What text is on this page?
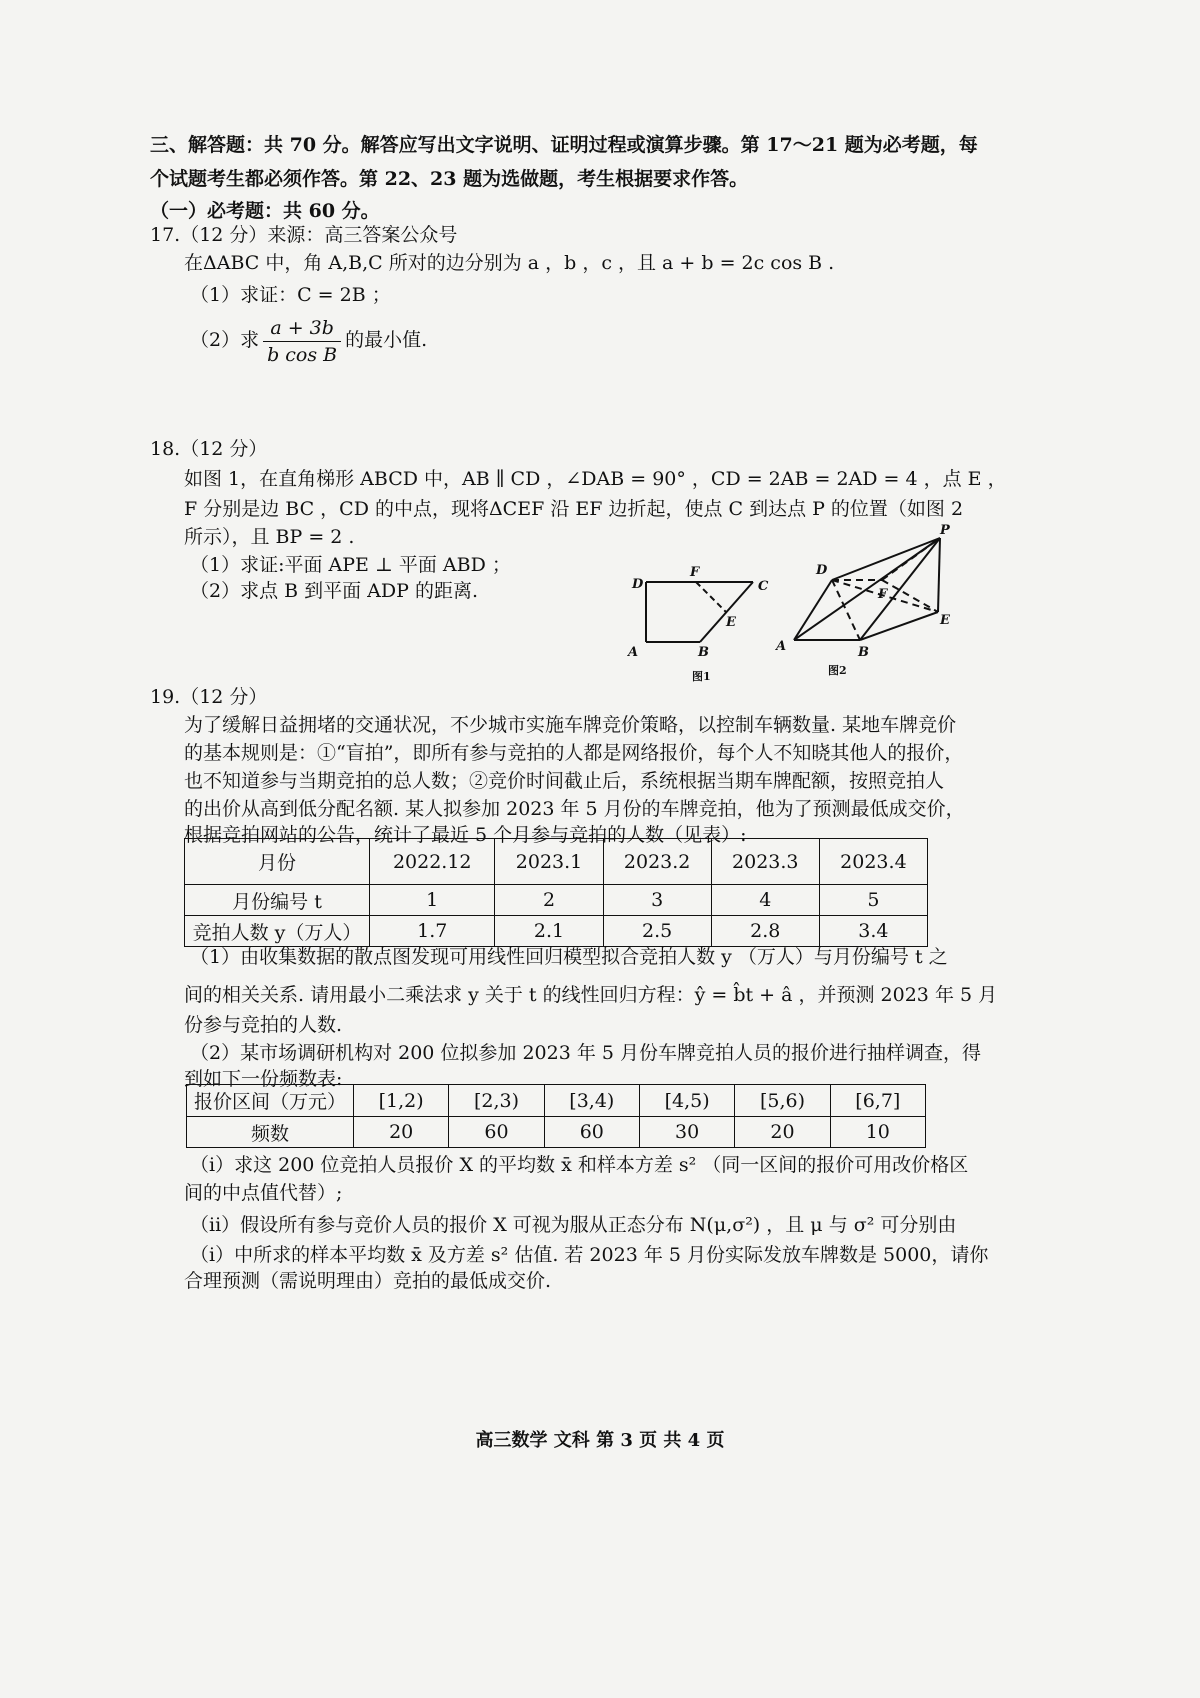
三、解答题：共 70 分。解答应写出文字说明、证明过程或演算步骤。第 17～21 题为必考题，每
个试题考生都必须作答。第 22、23 题为选做题，考生根据要求作答。
（一）必考题：共 60 分。
17.（12 分）来源：高三答案公众号
在ΔABC 中，角 A,B,C 所对的边分别为 a ，b ，c ，且 a + b = 2c cos B .
（1）求证：C = 2B ；
（2）求 $\frac{a + 3b}{\text{b cos B}}$ 的最小值.
18.（12 分）
如图 1，在直角梯形 ABCD 中，AB ∥ CD ，∠DAB = 90° ，CD = 2AB = 2AD = 4 ，点 E ，
F 分别是边 BC ，CD 的中点，现将ΔCEF 沿 EF 边折起，使点 C 到达点 P 的位置（如图 2
所示），且 BP = 2 .
（1）求证:平面 APE ⊥ 平面 ABD ；
（2）求点 B 到平面 ADP 的距离.	D
F
C
E
A	B
图1
P
D
F
E
A	B
图2
19.（12 分）
为了缓解日益拥堵的交通状况，不少城市实施车牌竞价策略，以控制车辆数量. 某地车牌竞价
的基本规则是：①“盲拍”，即所有参与竞拍的人都是网络报价，每个人不知晓其他人的报价，
也不知道参与当期竞拍的总人数；②竞价时间截止后，系统根据当期车牌配额，按照竞拍人
的出价从高到低分配名额. 某人拟参加 2023 年 5 月份的车牌竞拍，他为了预测最低成交价，
根据竞拍网站的公告，统计了最近 5 个月参与竞拍的人数（见表）:
月份	2022.12	2023.1	2023.2	2023.3	2023.4
月份编号 t	1	2	3	4	5
竞拍人数 y（万人）	1.7	2.1	2.5	2.8	3.4
（1）由收集数据的散点图发现可用线性回归模型拟合竞拍人数 y （万人）与月份编号 t 之
间的相关关系. 请用最小二乘法求 y 关于 t 的线性回归方程：ŷ = b̂t + â ，并预测 2023 年 5 月
份参与竞拍的人数.
（2）某市场调研机构对 200 位拟参加 2023 年 5 月份车牌竞拍人员的报价进行抽样调查，得
到如下一份频数表:
报价区间（万元）	[1,2)	[2,3)	[3,4)	[4,5)	[5,6)	[6,7]
频数	20	60	60	30	20	10
（i）求这 200 位竞拍人员报价 X 的平均数 x̄ 和样本方差 s² （同一区间的报价可用改价格区
间的中点值代替）;
（ii）假设所有参与竞价人员的报价 X 可视为服从正态分布 N(μ,σ²) ，且 μ 与 σ² 可分别由
（i）中所求的样本平均数 x̄ 及方差 s² 估值. 若 2023 年 5 月份实际发放车牌数是 5000，请你
合理预测（需说明理由）竞拍的最低成交价.
高三数学 文科 第 3 页 共 4 页
